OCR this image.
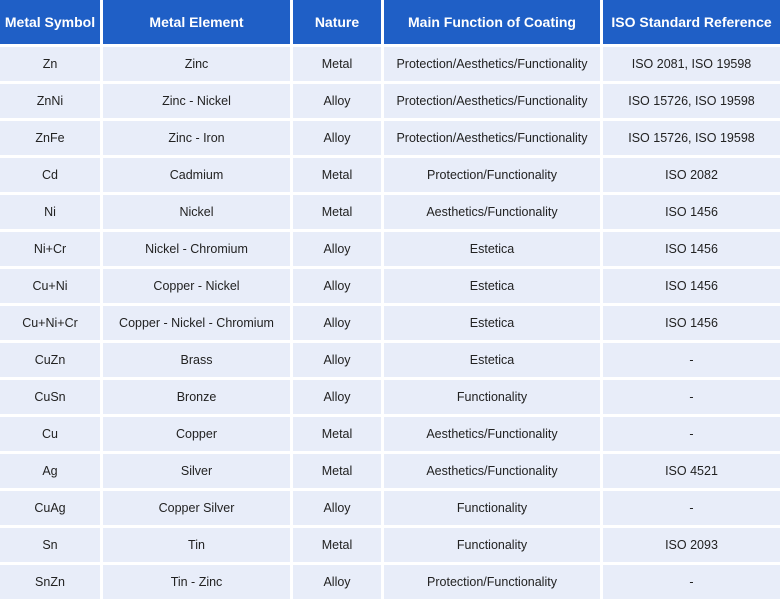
Metal Symbol	Metal Element	Nature	Main Function of Coating	ISO Standard Reference
Zn	Zinc	Metal	Protection/Aesthetics/Functionality	ISO 2081, ISO 19598
ZnNi	Zinc - Nickel	Alloy	Protection/Aesthetics/Functionality	ISO 15726, ISO 19598
ZnFe	Zinc - Iron	Alloy	Protection/Aesthetics/Functionality	ISO 15726, ISO 19598
Cd	Cadmium	Metal	Protection/Functionality	ISO 2082
Ni	Nickel	Metal	Aesthetics/Functionality	ISO 1456
Ni+Cr	Nickel - Chromium	Alloy	Estetica	ISO 1456
Cu+Ni	Copper - Nickel	Alloy	Estetica	ISO 1456
Cu+Ni+Cr	Copper - Nickel - Chromium	Alloy	Estetica	ISO 1456
CuZn	Brass	Alloy	Estetica	-
CuSn	Bronze	Alloy	Functionality	-
Cu	Copper	Metal	Aesthetics/Functionality	-
Ag	Silver	Metal	Aesthetics/Functionality	ISO 4521
CuAg	Copper Silver	Alloy	Functionality	-
Sn	Tin	Metal	Functionality	ISO 2093
SnZn	Tin - Zinc	Alloy	Protection/Functionality	-
